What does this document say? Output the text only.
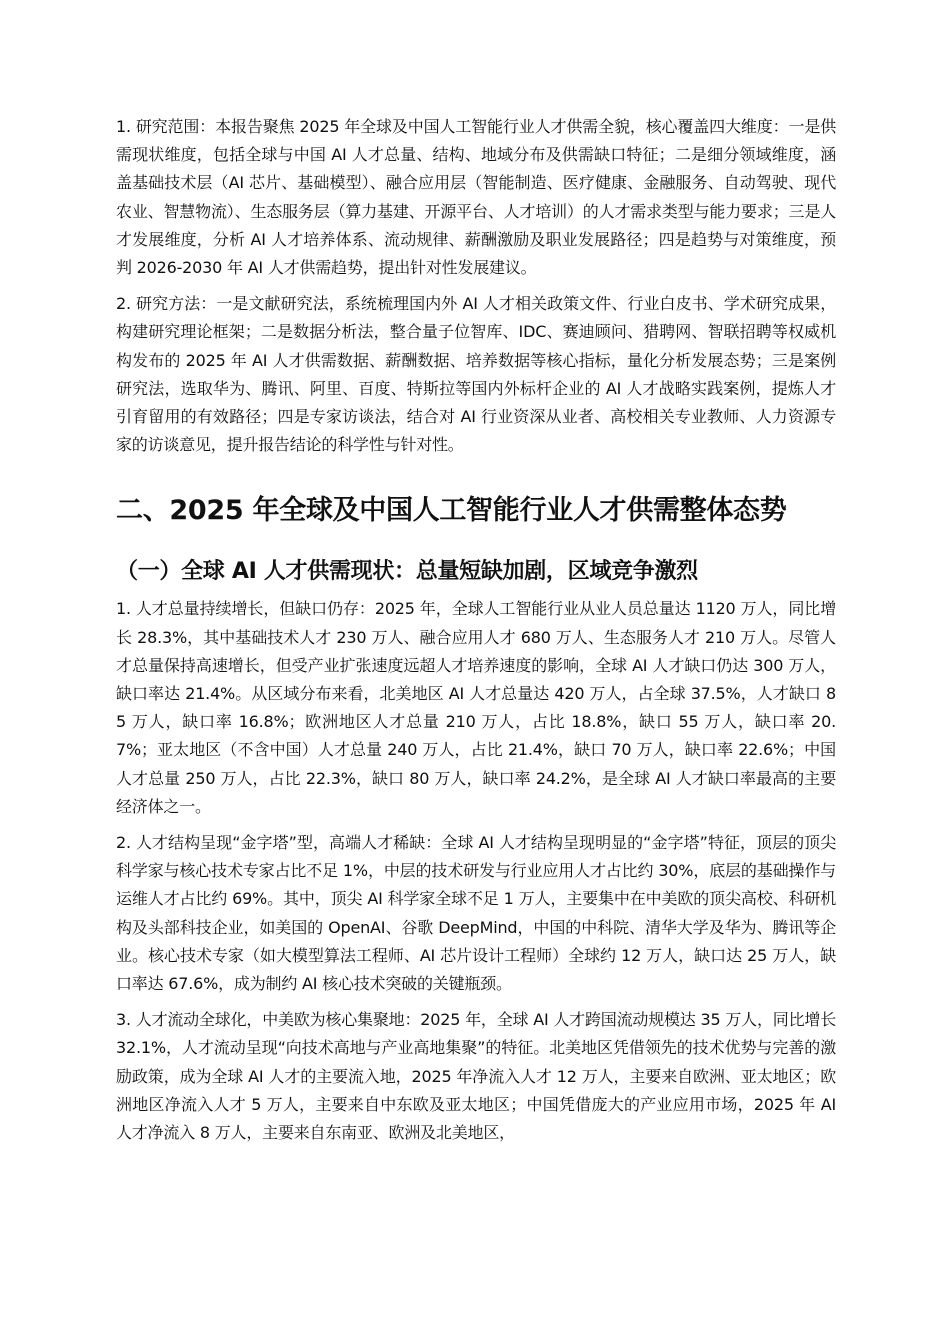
1. 研究范围：本报告聚焦 2025 年全球及中国人工智能行业人才供需全貌，核心覆盖四大维度：一是供需现状维度，包括全球与中国 AI 人才总量、结构、地域分布及供需缺口特征；二是细分领域维度，涵盖基础技术层（AI 芯片、基础模型）、融合应用层（智能制造、医疗健康、金融服务、自动驾驶、现代农业、智慧物流）、生态服务层（算力基建、开源平台、人才培训）的人才需求类型与能力要求；三是人才发展维度，分析 AI 人才培养体系、流动规律、薪酬激励及职业发展路径；四是趋势与对策维度，预判 2026-2030 年 AI 人才供需趋势，提出针对性发展建议。

2. 研究方法：一是文献研究法，系统梳理国内外 AI 人才相关政策文件、行业白皮书、学术研究成果，构建研究理论框架；二是数据分析法，整合量子位智库、IDC、赛迪顾问、猎聘网、智联招聘等权威机构发布的 2025 年 AI 人才供需数据、薪酬数据、培养数据等核心指标，量化分析发展态势；三是案例研究法，选取华为、腾讯、阿里、百度、特斯拉等国内外标杆企业的 AI 人才战略实践案例，提炼人才引育留用的有效路径；四是专家访谈法，结合对 AI 行业资深从业者、高校相关专业教师、人力资源专家的访谈意见，提升报告结论的科学性与针对性。

二、2025 年全球及中国人工智能行业人才供需整体态势
（一）全球 AI 人才供需现状：总量短缺加剧，区域竞争激烈

1. 人才总量持续增长，但缺口仍存：2025 年，全球人工智能行业从业人员总量达 1120 万人，同比增长 28.3%，其中基础技术人才 230 万人、融合应用人才 680 万人、生态服务人才 210 万人。尽管人才总量保持高速增长，但受产业扩张速度远超人才培养速度的影响，全球 AI 人才缺口仍达 300 万人，缺口率达 21.4%。从区域分布来看，北美地区 AI 人才总量达 420 万人，占全球 37.5%，人才缺口 85 万人，缺口率 16.8%；欧洲地区人才总量 210 万人，占比 18.8%，缺口 55 万人，缺口率 20.7%；亚太地区（不含中国）人才总量 240 万人，占比 21.4%，缺口 70 万人，缺口率 22.6%；中国人才总量 250 万人，占比 22.3%，缺口 80 万人，缺口率 24.2%，是全球 AI 人才缺口率最高的主要经济体之一。

2. 人才结构呈现“金字塔”型，高端人才稀缺：全球 AI 人才结构呈现明显的“金字塔”特征，顶层的顶尖科学家与核心技术专家占比不足 1%，中层的技术研发与行业应用人才占比约 30%，底层的基础操作与运维人才占比约 69%。其中，顶尖 AI 科学家全球不足 1 万人，主要集中在中美欧的顶尖高校、科研机构及头部科技企业，如美国的 OpenAI、谷歌 DeepMind，中国的中科院、清华大学及华为、腾讯等企业。核心技术专家（如大模型算法工程师、AI 芯片设计工程师）全球约 12 万人，缺口达 25 万人，缺口率达 67.6%，成为制约 AI 核心技术突破的关键瓶颈。

3. 人才流动全球化，中美欧为核心集聚地：2025 年，全球 AI 人才跨国流动规模达 35 万人，同比增长 32.1%，人才流动呈现“向技术高地与产业高地集聚”的特征。北美地区凭借领先的技术优势与完善的激励政策，成为全球 AI 人才的主要流入地，2025 年净流入人才 12 万人，主要来自欧洲、亚太地区；欧洲地区净流入人才 5 万人，主要来自中东欧及亚太地区；中国凭借庞大的产业应用市场，2025 年 AI 人才净流入 8 万人，主要来自东南亚、欧洲及北美地区，
